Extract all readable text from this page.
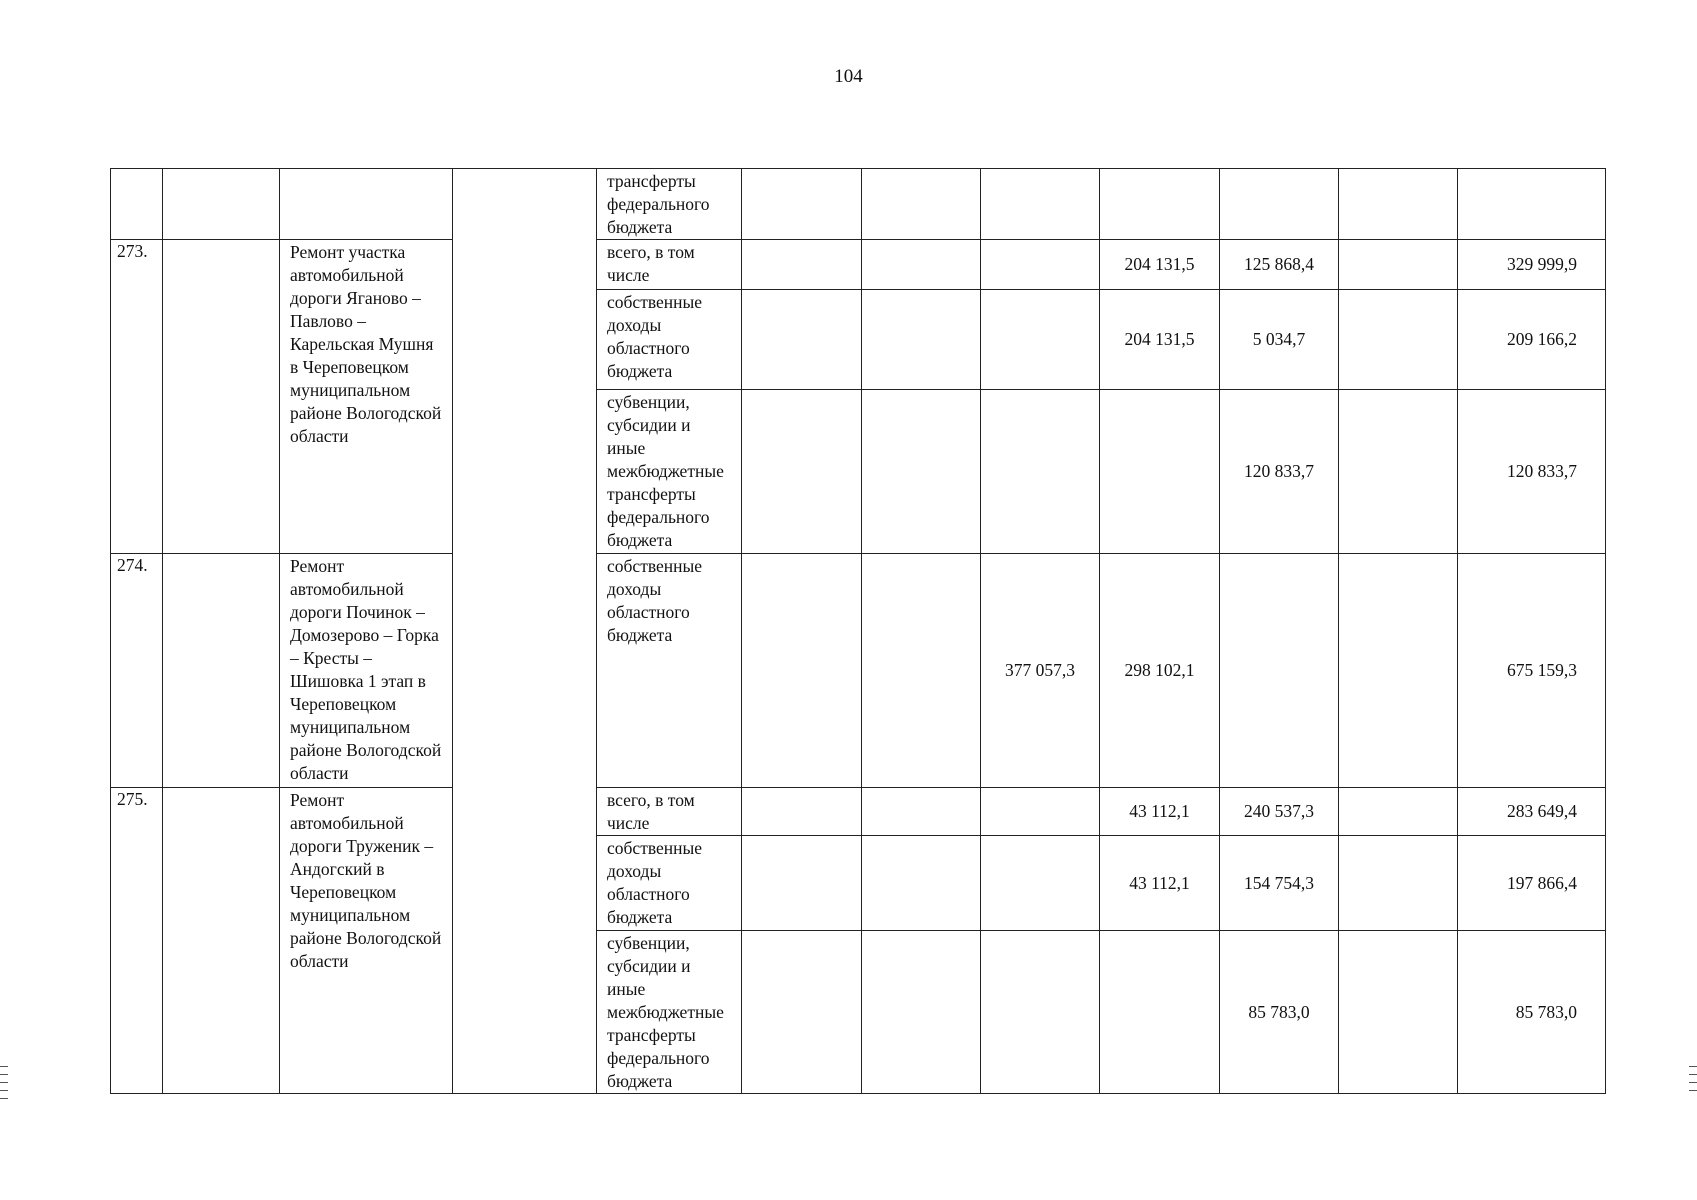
104
				трансферты федерального бюджета							
273.		Ремонт участка автомобильной дороги Яганово – Павлово – Карельская Мушня в Череповецком муниципальном районе Вологодской области		всего, в том числе				204 131,5	125 868,4		329 999,9
				собственные доходы областного бюджета				204 131,5	5 034,7		209 166,2
				субвенции, субсидии и иные межбюджетные трансферты федерального бюджета					120 833,7		120 833,7
274.		Ремонт автомобильной дороги Починок – Домозерово – Горка – Кресты – Шишовка 1 этап в Череповецком муниципальном районе Вологодской области		собственные доходы областного бюджета			377 057,3	298 102,1			675 159,3
275.		Ремонт автомобильной дороги Труженик – Андогский в Череповецком муниципальном районе Вологодской области		всего, в том числе				43 112,1	240 537,3		283 649,4
				собственные доходы областного бюджета				43 112,1	154 754,3		197 866,4
				субвенции, субсидии и иные межбюджетные трансферты федерального бюджета					85 783,0		85 783,0
